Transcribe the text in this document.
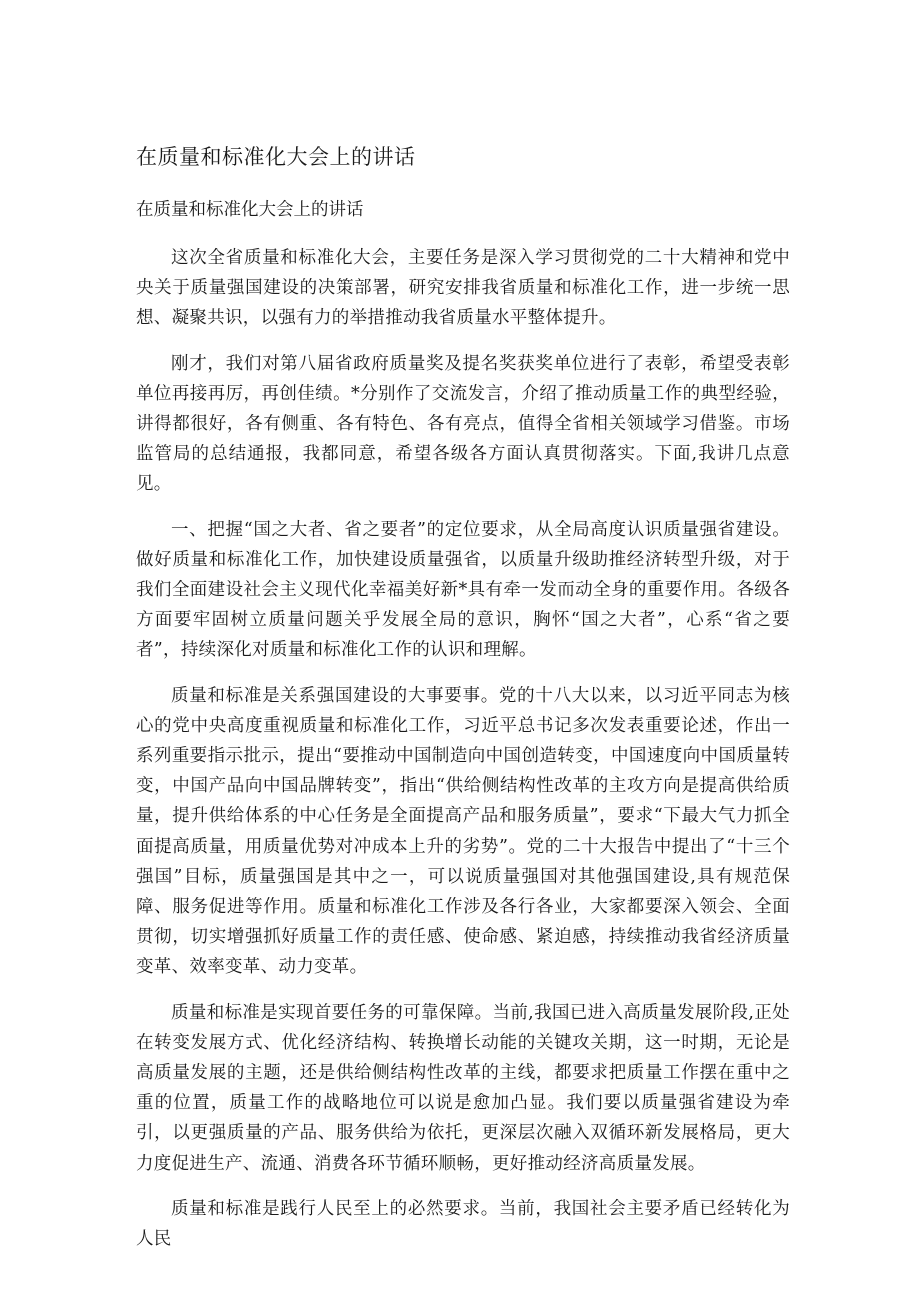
在质量和标准化大会上的讲话

在质量和标准化大会上的讲话

这次全省质量和标准化大会，主要任务是深入学习贯彻党的二十大精神和党中央关于质量强国建设的决策部署，研究安排我省质量和标准化工作，进一步统一思想、凝聚共识，以强有力的举措推动我省质量水平整体提升。

刚才，我们对第八届省政府质量奖及提名奖获奖单位进行了表彰，希望受表彰单位再接再厉，再创佳绩。*分别作了交流发言，介绍了推动质量工作的典型经验，讲得都很好，各有侧重、各有特色、各有亮点，值得全省相关领域学习借鉴。市场监管局的总结通报，我都同意，希望各级各方面认真贯彻落实。下面,我讲几点意见。

一、把握“国之大者、省之要者”的定位要求，从全局高度认识质量强省建设。做好质量和标准化工作，加快建设质量强省，以质量升级助推经济转型升级，对于我们全面建设社会主义现代化幸福美好新*具有牵一发而动全身的重要作用。各级各方面要牢固树立质量问题关乎发展全局的意识，胸怀“国之大者”，心系“省之要者”，持续深化对质量和标准化工作的认识和理解。

质量和标准是关系强国建设的大事要事。党的十八大以来，以习近平同志为核心的党中央高度重视质量和标准化工作，习近平总书记多次发表重要论述，作出一系列重要指示批示，提出“要推动中国制造向中国创造转变，中国速度向中国质量转变，中国产品向中国品牌转变”，指出“供给侧结构性改革的主攻方向是提高供给质量，提升供给体系的中心任务是全面提高产品和服务质量”，要求“下最大气力抓全面提高质量，用质量优势对冲成本上升的劣势”。党的二十大报告中提出了“十三个强国”目标，质量强国是其中之一，可以说质量强国对其他强国建设,具有规范保障、服务促进等作用。质量和标准化工作涉及各行各业，大家都要深入领会、全面贯彻，切实增强抓好质量工作的责任感、使命感、紧迫感，持续推动我省经济质量变革、效率变革、动力变革。

质量和标准是实现首要任务的可靠保障。当前,我国已进入高质量发展阶段,正处在转变发展方式、优化经济结构、转换增长动能的关键攻关期，这一时期，无论是高质量发展的主题，还是供给侧结构性改革的主线，都要求把质量工作摆在重中之重的位置，质量工作的战略地位可以说是愈加凸显。我们要以质量强省建设为牵引，以更强质量的产品、服务供给为依托，更深层次融入双循环新发展格局，更大力度促进生产、流通、消费各环节循环顺畅，更好推动经济高质量发展。

质量和标准是践行人民至上的必然要求。当前，我国社会主要矛盾已经转化为人民
